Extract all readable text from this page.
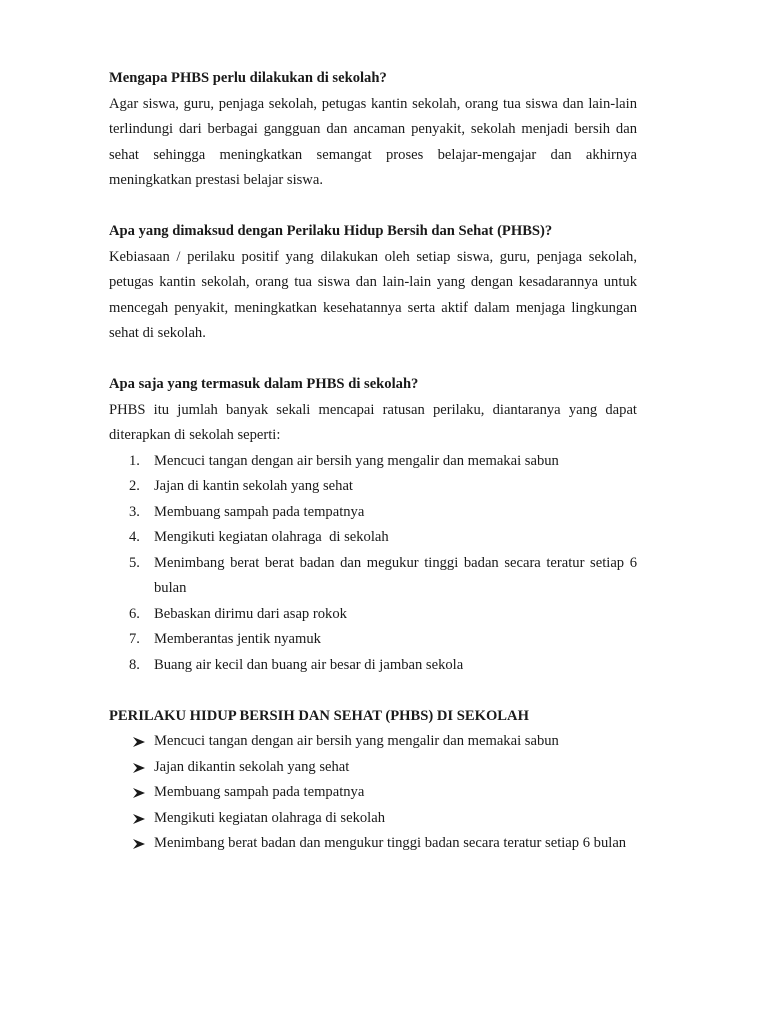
Mengapa PHBS perlu dilakukan di sekolah?

Agar siswa, guru, penjaga sekolah, petugas kantin sekolah, orang tua siswa dan lain-lain terlindungi dari berbagai gangguan dan ancaman penyakit, sekolah menjadi bersih dan sehat sehingga meningkatkan semangat proses belajar-mengajar dan akhirnya meningkatkan prestasi belajar siswa.

Apa yang dimaksud dengan Perilaku Hidup Bersih dan Sehat (PHBS)?

Kebiasaan / perilaku positif yang dilakukan oleh setiap siswa, guru, penjaga sekolah, petugas kantin sekolah, orang tua siswa dan lain-lain yang dengan kesadarannya untuk mencegah penyakit, meningkatkan kesehatannya serta aktif dalam menjaga lingkungan sehat di sekolah.

Apa saja yang termasuk dalam PHBS di sekolah?

PHBS itu jumlah banyak sekali mencapai ratusan perilaku, diantaranya yang dapat diterapkan di sekolah seperti:

1. Mencuci tangan dengan air bersih yang mengalir dan memakai sabun
2. Jajan di kantin sekolah yang sehat
3. Membuang sampah pada tempatnya
4. Mengikuti kegiatan olahraga  di sekolah
5. Menimbang berat berat badan dan megukur tinggi badan secara teratur setiap 6 bulan
6. Bebaskan dirimu dari asap rokok
7. Memberantas jentik nyamuk
8. Buang air kecil dan buang air besar di jamban sekola

PERILAKU HIDUP BERSIH DAN SEHAT (PHBS) DI SEKOLAH

Mencuci tangan dengan air bersih yang mengalir dan memakai sabun
Jajan dikantin sekolah yang sehat
Membuang sampah pada tempatnya
Mengikuti kegiatan olahraga di sekolah
Menimbang berat badan dan mengukur tinggi badan secara teratur setiap 6 bulan
